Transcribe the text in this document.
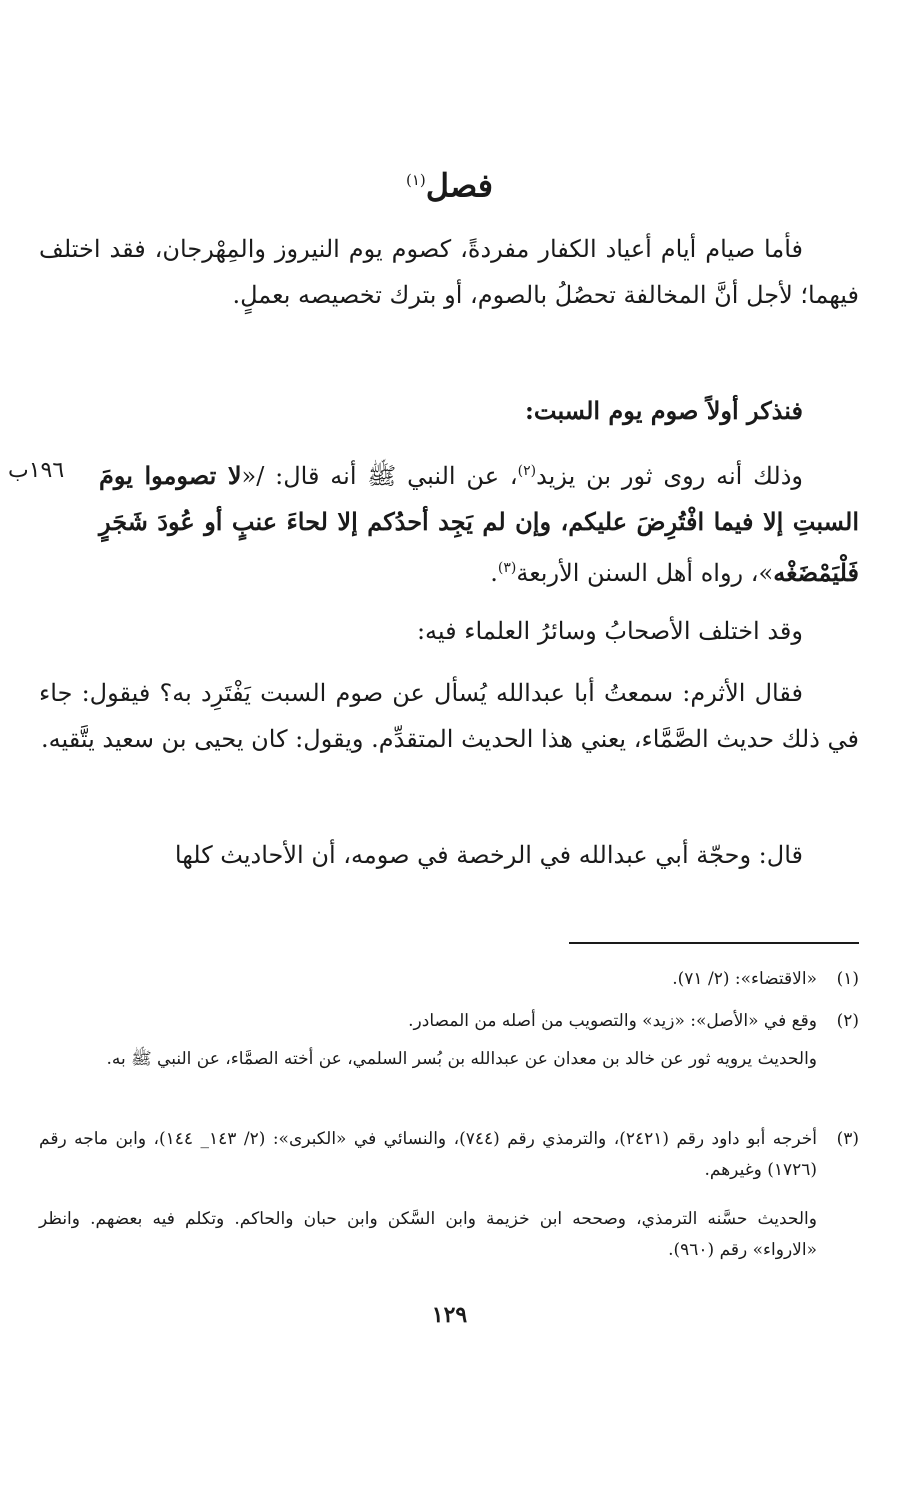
فصل$^{(١)}$
فأما صيام أيام أعياد الكفار مفردةً، كصوم يوم النيروز والمِهْرجان، فقد اختلف فيهما؛ لأجل أنَّ المخالفة تحصُلُ بالصوم، أو بترك تخصيصه بعملٍ.
فنذكر أولاً صوم يوم السبت:
١٩٦ب	وذلك أنه روى ثور بن يزيد$^{(٢)}$، عن النبي ﷺ أنه قال: /«لا تصوموا يومَ السبتِ إلا فيما افْتُرِضَ عليكم، وإن لم يَجِد أحدُكم إلا لحاءَ عنبٍ أو عُودَ شَجَرٍ فَلْيَمْضَغْه»، رواه أهل السنن الأربعة$^{(٣)}$.
وقد اختلف الأصحابُ وسائرُ العلماء فيه:
فقال الأثرم: سمعتُ أبا عبدالله يُسأل عن صوم السبت يَفْتَرِد به؟ فيقول: جاء في ذلك حديث الصَّمَّاء، يعني هذا الحديث المتقدِّم. ويقول: كان يحيى بن سعيد يتَّقيه.
قال: وحجّة أبي عبدالله في الرخصة في صومه، أن الأحاديث كلها
(١)«الاقتضاء»: (٢/ ٧١).
(٢)وقع في «الأصل»: «زيد» والتصويب من أصله من المصادر.
والحديث يرويه ثور عن خالد بن معدان عن عبدالله بن بُسر السلمي، عن أخته الصمَّاء، عن النبي ﷺ به.
(٣)
أخرجه أبو داود رقم (٢٤٢١)، والترمذي رقم (٧٤٤)، والنسائي في «الكبرى»: (٢/ ١٤٣_ ١٤٤)، وابن ماجه رقم (١٧٢٦) وغيرهم.
والحديث حسَّنه الترمذي، وصححه ابن خزيمة وابن السَّكن وابن حبان والحاكم. وتكلم فيه بعضهم. وانظر «الارواء» رقم (٩٦٠).
١٢٩
